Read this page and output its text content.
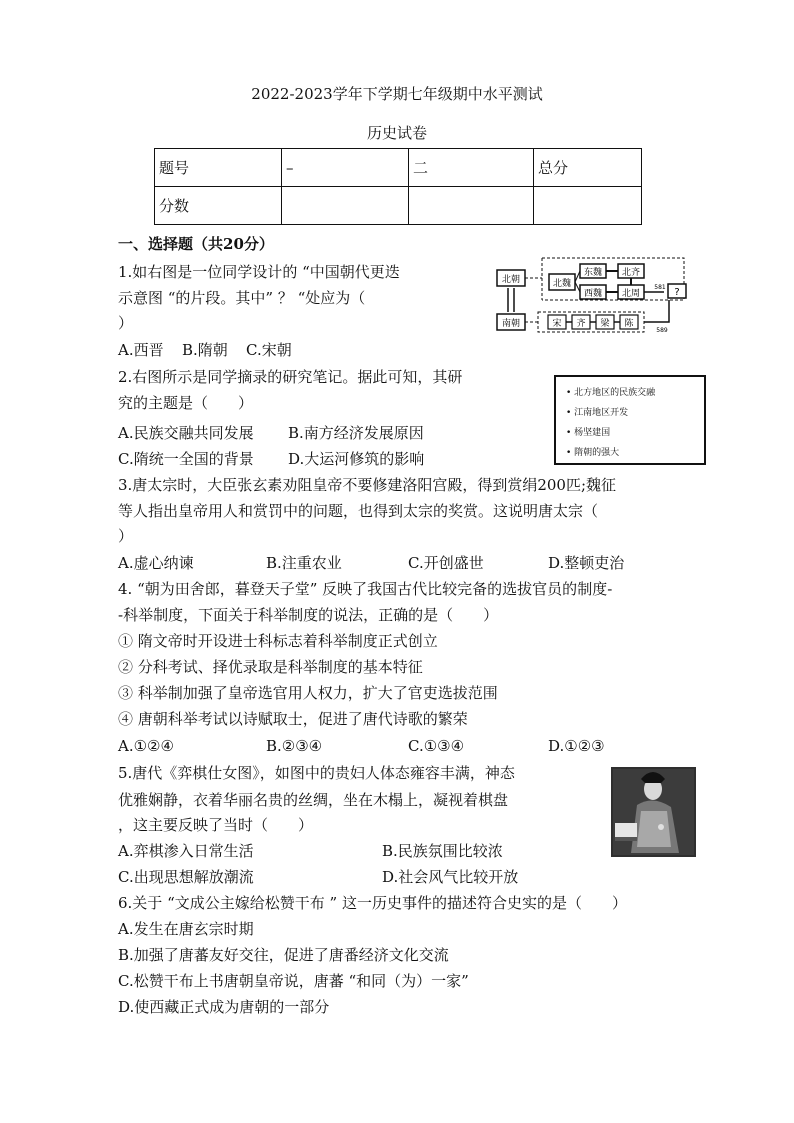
2022-2023学年下学期七年级期中水平测试
历史试卷
题号	–	二	总分
分数			
一、选择题（共20分）
1.如右图是一位同学设计的 “中国朝代更迭
示意图 “的片段。其中” ？ “处应为（
）
A.西晋 B.隋朝 C.宋朝
北朝
南朝
北魏
东魏
西魏
北齐
北周
581 ?
宋 齐 梁 陈
589
2.右图所示是同学摘录的研究笔记。据此可知，其研
究的主题是（　　）
A.民族交融共同发展 B.南方经济发展原因
C.隋统一全国的背景 D.大运河修筑的影响
• 北方地区的民族交融
• 江南地区开发
• 杨坚建国
• 隋朝的强大
3.唐太宗时，大臣张玄素劝阻皇帝不要修建洛阳宫殿，得到赏绢200匹;魏征
等人指出皇帝用人和赏罚中的问题，也得到太宗的奖赏。这说明唐太宗（
）
A.虚心纳谏	B.注重农业	C.开创盛世	D.整顿吏治
4. “朝为田舍郎，暮登天子堂” 反映了我国古代比较完备的选拔官员的制度-
-科举制度，下面关于科举制度的说法，正确的是（　　）
① 隋文帝时开设进士科标志着科举制度正式创立
② 分科考试、择优录取是科举制度的基本特征
③ 科举制加强了皇帝选官用人权力，扩大了官吏选拔范围
④ 唐朝科举考试以诗赋取士，促进了唐代诗歌的繁荣
A.①②④	B.②③④	C.①③④	D.①②③
5.唐代《弈棋仕女图》，如图中的贵妇人体态雍容丰满，神态
优雅娴静，衣着华丽名贵的丝绸，坐在木榻上，凝视着棋盘
，这主要反映了当时（　　）
A.弈棋渗入日常生活	B.民族氛围比较浓
C.出现思想解放潮流	D.社会风气比较开放
6.关于 “文成公主嫁给松赞干布 ” 这一历史事件的描述符合史实的是（　　）
A.发生在唐玄宗时期
B.加强了唐蕃友好交往，促进了唐番经济文化交流
C.松赞干布上书唐朝皇帝说，唐蕃 “和同（为）一家”
D.使西藏正式成为唐朝的一部分
